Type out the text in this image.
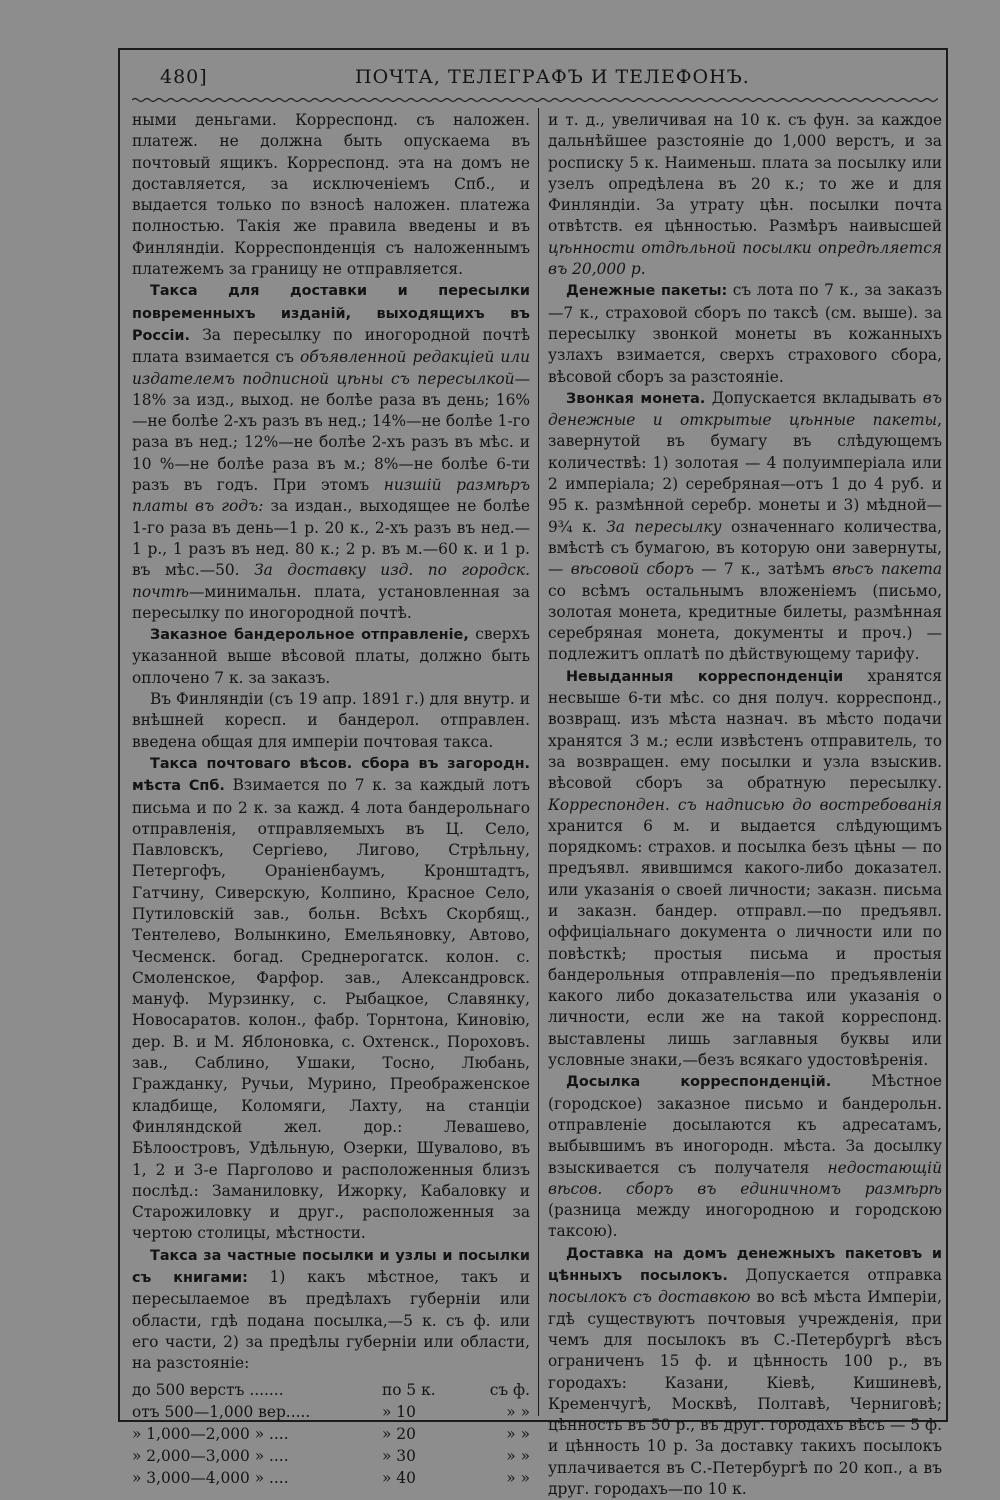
480]	ПОЧТА, ТЕЛЕГРАФЪ И ТЕЛЕФОНЪ.

ными деньгами. Корреспонд. съ наложен. платеж. не должна быть опускаема въ почтовый ящикъ. Корреспонд. эта на домъ не доставляется, за исключеніемъ Спб., и выдается только по взносѣ наложен. платежа полностью. Такія же правила введены и въ Финляндіи. Корреспонденція съ наложеннымъ платежемъ за границу не отправляется.

Такса для доставки и пересылки повременныхъ изданій, выходящихъ въ Россіи. За пересылку по иногородной почтѣ плата взимается съ объявленной редакціей или издателемъ подписной цѣны съ пересылкой—18% за изд., выход. не болѣе раза въ день; 16%—не болѣе 2-хъ разъ въ нед.; 14%—не болѣе 1-го раза въ нед.; 12%—не болѣе 2-хъ разъ въ мѣс. и 10 %—не болѣе раза въ м.; 8%—не болѣе 6-ти разъ въ годъ. При этомъ низшій размѣръ платы въ годъ: за издан., выходящее не болѣе 1-го раза въ день—1 р. 20 к., 2-хъ разъ въ нед.—1 р., 1 разъ въ нед. 80 к.; 2 р. въ м.—60 к. и 1 р. въ мѣс.—50. За доставку изд. по городск. почтѣ—минимальн. плата, установленная за пересылку по иногородной почтѣ.

Заказное бандерольное отправленіе, сверхъ указанной выше вѣсовой платы, должно быть оплочено 7 к. за заказъ.

Въ Финляндіи (съ 19 апр. 1891 г.) для внутр. и внѣшней коресп. и бандерол. отправлен. введена общая для имперіи почтовая такса.

Такса почтоваго вѣсов. сбора въ загородн. мѣста Спб. Взимается по 7 к. за каждый лотъ письма и по 2 к. за кажд. 4 лота бандерольнаго отправленія, отправляемыхъ въ Ц. Село, Павловскъ, Сергіево, Лигово, Стрѣльну, Петергофъ, Оранiенбаумъ, Кронштадтъ, Гатчину, Сиверскую, Колпино, Красное Село, Путиловскій зав., больн. Всѣхъ Скорбящ., Тентелево, Волынкино, Емельяновку, Автово, Чесменск. богад. Среднерогатск. колон. с. Смоленское, Фарфор. зав., Александровск. мануф. Мурзинку, с. Рыбацкое, Славянку, Новосаратов. колон., фабр. Торнтона, Киновію, дер. В. и М. Яблоновка, с. Охтенск., Пороховъ. зав., Саблино, Ушаки, Тосно, Любань, Гражданку, Ручьи, Мурино, Преображенское кладбище, Коломяги, Лахту, на станціи Финляндской жел. дор.: Левашево, Бѣлоостровъ, Удѣльную, Озерки, Шувалово, въ 1, 2 и 3-е Парголово и расположенныя близъ послѣд.: Заманиловку, Ижорку, Кабаловку и Старожиловку и друг., расположенныя за чертою столицы, мѣстности.

Такса за частные посылки и узлы и посылки съ книгами: 1) какъ мѣстное, такъ и пересылаемое въ предѣлахъ губерніи или области, гдѣ подана посылка,—5 к. съ ф. или его части, 2) за предѣлы губерніи или области, на разстояніе:

до 500 верстъ .......	по 5 к.	съ ф.
отъ 500—1,000 вер.....	» 10	» »
» 1,000—2,000 » ....	» 20	» »
» 2,000—3,000 » ....	» 30	» »
» 3,000—4,000 » ....	» 40	» »

и т. д., увеличивая на 10 к. съ фун. за каждое дальнѣйшее разстояніе до 1,000 верстъ, и за росписку 5 к. Наименьш. плата за посылку или узелъ опредѣлена въ 20 к.; то же и для Финляндіи. За утрату цѣн. посылки почта отвѣтств. ея цѣнностью. Размѣръ наивысшей цѣнности отдѣльной посылки опредѣляется въ 20,000 р.

Денежные пакеты: съ лота по 7 к., за заказъ—7 к., страховой сборъ по таксѣ (см. выше). за пересылку звонкой монеты въ кожанныхъ узлахъ взимается, сверхъ страхового сбора, вѣсовой сборъ за разстояніе.

Звонкая монета. Допускается вкладывать въ денежные и открытые цѣнные пакеты, завернутой въ бумагу въ слѣдующемъ количествѣ: 1) золотая — 4 полуимперіала или 2 имперіала; 2) серебряная—отъ 1 до 4 руб. и 95 к. размѣнной серебр. монеты и 3) мѣдной—9¾ к. За пересылку означеннаго количества, вмѣстѣ съ бумагою, въ которую они завернуты, — вѣсовой сборъ — 7 к., затѣмъ вѣсъ пакета со всѣмъ остальнымъ вложеніемъ (письмо, золотая монета, кредитные билеты, размѣнная серебряная монета, документы и проч.) — подлежитъ оплатѣ по дѣйствующему тарифу.

Невыданныя корреспонденціи хранятся несвыше 6-ти мѣс. со дня получ. корреспонд., возвращ. изъ мѣста назнач. въ мѣсто подачи хранятся 3 м.; если извѣстенъ отправитель, то за возвращен. ему посылки и узла взыскив. вѣсовой сборъ за обратную пересылку. Корреспонден. съ надписью до востребованія хранится 6 м. и выдается слѣдующимъ порядкомъ: страхов. и посылка безъ цѣны — по предъявл. явившимся какого-либо доказател. или указанія о своей личности; заказн. письма и заказн. бандер. отправл.—по предъявл. оффиціальнаго документа о личности или по повѣсткѣ; простыя письма и простыя бандерольныя отправленія—по предъявленіи какого либо доказательства или указанія о личности, если же на такой корреспонд. выставлены лишь заглавныя буквы или условные знаки,—безъ всякаго удостовѣренія.

Досылка корреспонденцій. Мѣстное (городское) заказное письмо и бандерольн. отправленіе досылаются къ адресатамъ, выбывшимъ въ иногородн. мѣста. За досылку взыскивается съ получателя недостающій вѣсов. сборъ въ единичномъ размѣрѣ (разница между иногородною и городскою таксою).

Доставка на домъ денежныхъ пакетовъ и цѣнныхъ посылокъ. Допускается отправка посылокъ съ доставкою во всѣ мѣста Имперіи, гдѣ существуютъ почтовыя учрежденія, при чемъ для посылокъ въ С.-Петербургѣ вѣсъ ограниченъ 15 ф. и цѣнность 100 р., въ городахъ: Казани, Кіевѣ, Кишиневѣ, Кременчугѣ, Москвѣ, Полтавѣ, Черниговѣ; цѣнность въ 50 р., въ друг. городахъ вѣсъ — 5 ф. и цѣнность 10 р. За доставку такихъ посылокъ уплачивается въ С.-Петербургѣ по 20 коп., а въ друг. городахъ—по 10 к.
